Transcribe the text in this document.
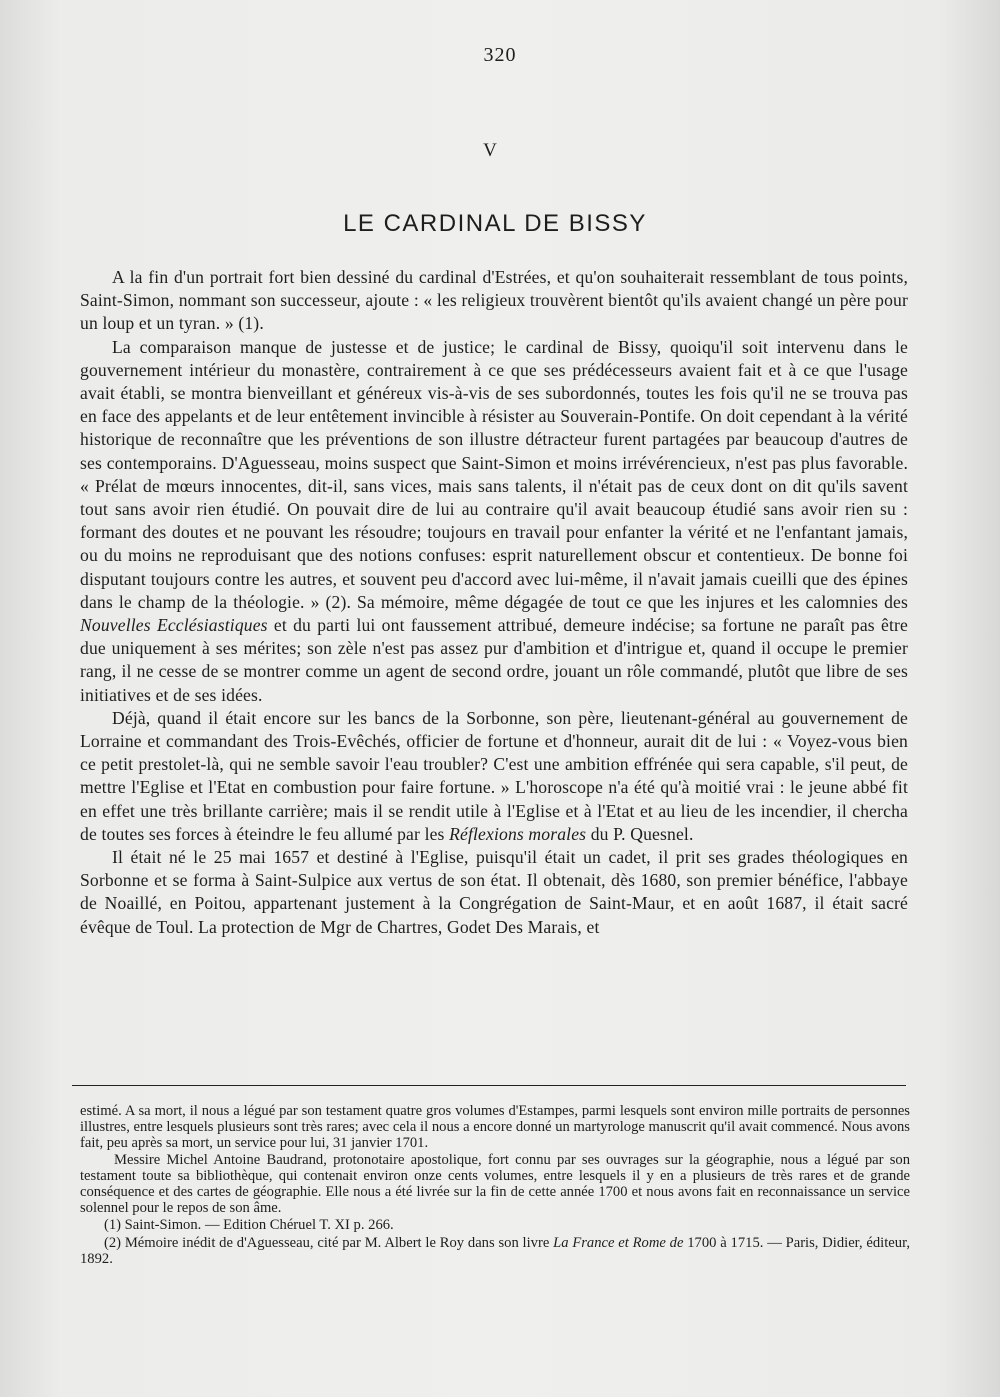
320
V
LE CARDINAL DE BISSY

A la fin d'un portrait fort bien dessiné du cardinal d'Estrées, et qu'on souhaiterait ressemblant de tous points, Saint-Simon, nommant son successeur, ajoute : « les religieux trouvèrent bientôt qu'ils avaient changé un père pour un loup et un tyran. » (1).

La comparaison manque de justesse et de justice; le cardinal de Bissy, quoiqu'il soit intervenu dans le gouvernement intérieur du monastère, contrairement à ce que ses prédécesseurs avaient fait et à ce que l'usage avait établi, se montra bienveillant et généreux vis-à-vis de ses subordonnés, toutes les fois qu'il ne se trouva pas en face des appelants et de leur entêtement invincible à résister au Souverain-Pontife. On doit cependant à la vérité historique de reconnaître que les préventions de son illustre détracteur furent partagées par beaucoup d'autres de ses contemporains. D'Aguesseau, moins suspect que Saint-Simon et moins irrévérencieux, n'est pas plus favorable. « Prélat de mœurs innocentes, dit-il, sans vices, mais sans talents, il n'était pas de ceux dont on dit qu'ils savent tout sans avoir rien étudié. On pouvait dire de lui au contraire qu'il avait beaucoup étudié sans avoir rien su : formant des doutes et ne pouvant les résoudre; toujours en travail pour enfanter la vérité et ne l'enfantant jamais, ou du moins ne reproduisant que des notions confuses: esprit naturellement obscur et contentieux. De bonne foi disputant toujours contre les autres, et souvent peu d'accord avec lui-même, il n'avait jamais cueilli que des épines dans le champ de la théologie. » (2). Sa mémoire, même dégagée de tout ce que les injures et les calomnies des Nouvelles Ecclésiastiques et du parti lui ont faussement attribué, demeure indécise; sa fortune ne paraît pas être due uniquement à ses mérites; son zèle n'est pas assez pur d'ambition et d'intrigue et, quand il occupe le premier rang, il ne cesse de se montrer comme un agent de second ordre, jouant un rôle commandé, plutôt que libre de ses initiatives et de ses idées.

Déjà, quand il était encore sur les bancs de la Sorbonne, son père, lieutenant-général au gouvernement de Lorraine et commandant des Trois-Evêchés, officier de fortune et d'honneur, aurait dit de lui : « Voyez-vous bien ce petit prestolet-là, qui ne semble savoir l'eau troubler? C'est une ambition effrénée qui sera capable, s'il peut, de mettre l'Eglise et l'Etat en combustion pour faire fortune. » L'horoscope n'a été qu'à moitié vrai : le jeune abbé fit en effet une très brillante carrière; mais il se rendit utile à l'Eglise et à l'Etat et au lieu de les incendier, il chercha de toutes ses forces à éteindre le feu allumé par les Réflexions morales du P. Quesnel.

Il était né le 25 mai 1657 et destiné à l'Eglise, puisqu'il était un cadet, il prit ses grades théologiques en Sorbonne et se forma à Saint-Sulpice aux vertus de son état. Il obtenait, dès 1680, son premier bénéfice, l'abbaye de Noaillé, en Poitou, appartenant justement à la Congrégation de Saint-Maur, et en août 1687, il était sacré évêque de Toul. La protection de Mgr de Chartres, Godet Des Marais, et

estimé. A sa mort, il nous a légué par son testament quatre gros volumes d'Estampes, parmi lesquels sont environ mille portraits de personnes illustres, entre lesquels plusieurs sont très rares; avec cela il nous a encore donné un martyrologe manuscrit qu'il avait commencé. Nous avons fait, peu après sa mort, un service pour lui, 31 janvier 1701.

Messire Michel Antoine Baudrand, protonotaire apostolique, fort connu par ses ouvrages sur la géographie, nous a légué par son testament toute sa bibliothèque, qui contenait environ onze cents volumes, entre lesquels il y en a plusieurs de très rares et de grande conséquence et des cartes de géographie. Elle nous a été livrée sur la fin de cette année 1700 et nous avons fait en reconnaissance un service solennel pour le repos de son âme.

(1) Saint-Simon. — Edition Chéruel T. XI p. 266.

(2) Mémoire inédit de d'Aguesseau, cité par M. Albert le Roy dans son livre La France et Rome de 1700 à 1715. — Paris, Didier, éditeur, 1892.
